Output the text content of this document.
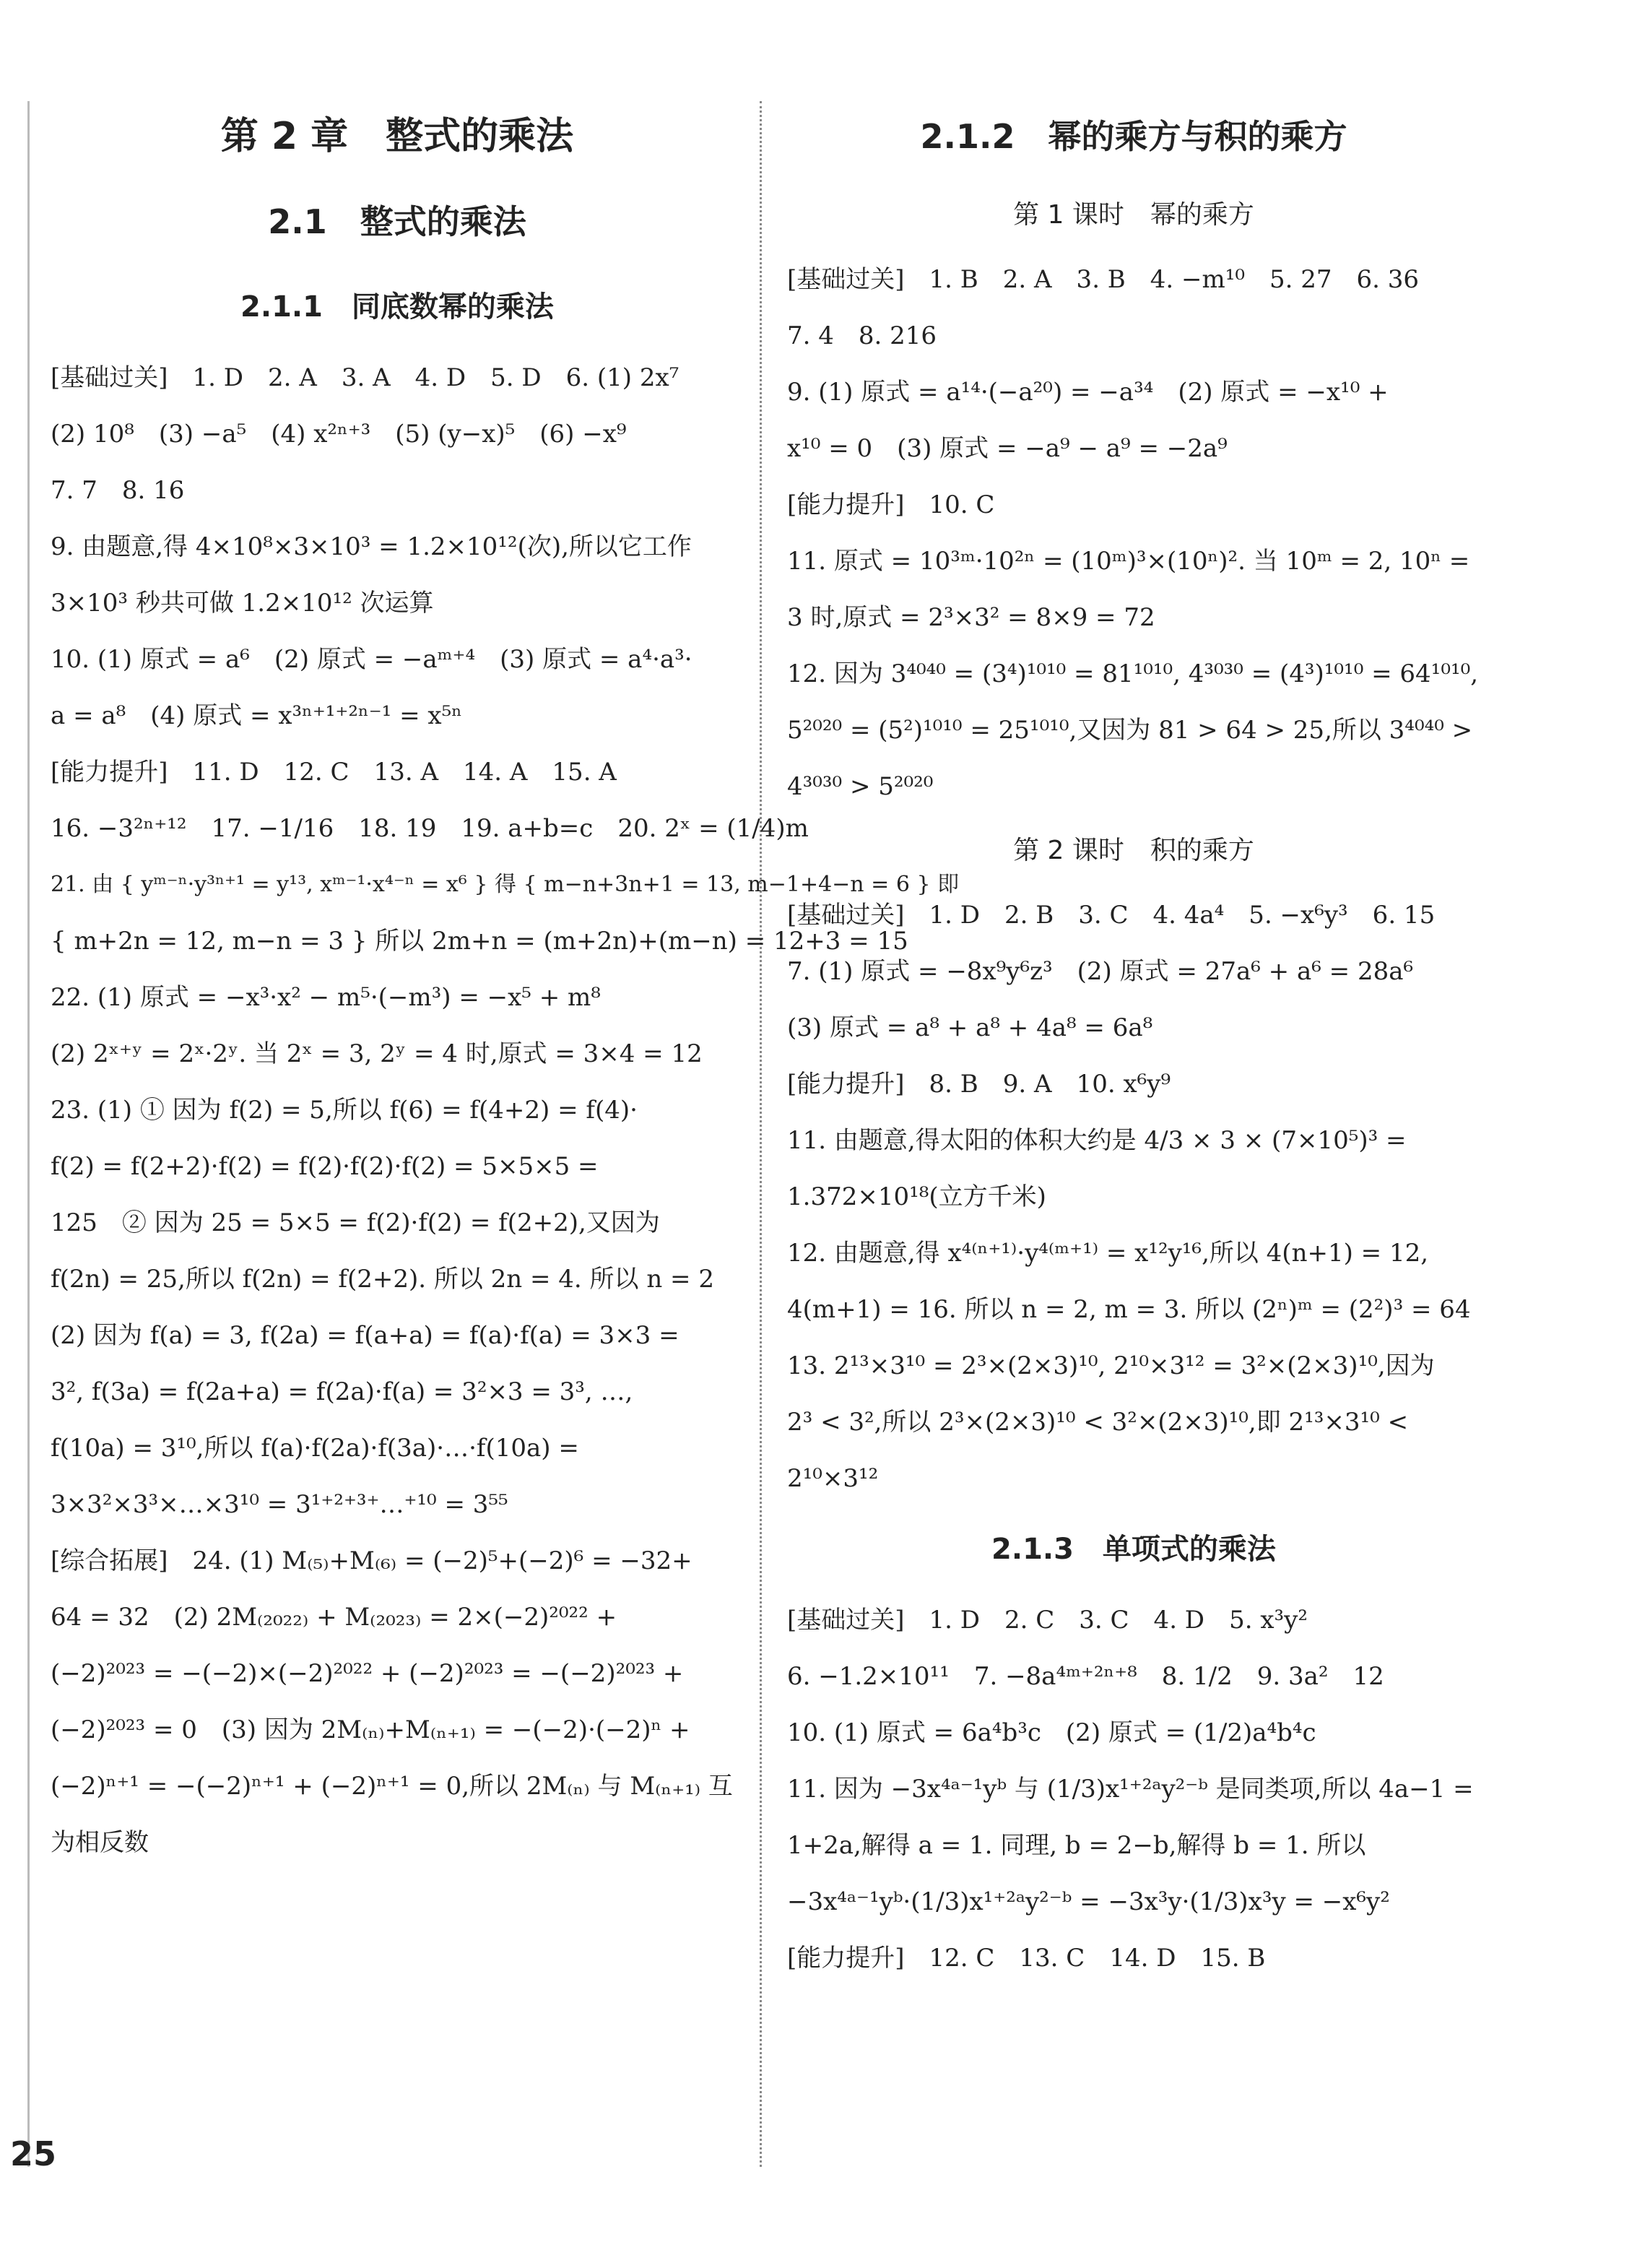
第 2 章　整式的乘法
2.1　整式的乘法
2.1.1　同底数幂的乘法
[基础过关]　1. D　2. A　3. A　4. D　5. D　6. (1) 2x⁷
(2) 10⁸　(3) −a⁵　(4) x²ⁿ⁺³　(5) (y−x)⁵　(6) −x⁹
7. 7　8. 16
9. 由题意,得 4×10⁸×3×10³ = 1.2×10¹²(次),所以它工作
3×10³ 秒共可做 1.2×10¹² 次运算
10. (1) 原式 = a⁶　(2) 原式 = −aᵐ⁺⁴　(3) 原式 = a⁴·a³·
a = a⁸　(4) 原式 = x³ⁿ⁺¹⁺²ⁿ⁻¹ = x⁵ⁿ
[能力提升]　11. D　12. C　13. A　14. A　15. A
16. −3²ⁿ⁺¹²　17. −1/16　18. 19　19. a+b=c　20. 2ˣ = (1/4)m
21. 由 { yᵐ⁻ⁿ·y³ⁿ⁺¹ = y¹³, xᵐ⁻¹·x⁴⁻ⁿ = x⁶ } 得 { m−n+3n+1 = 13, m−1+4−n = 6 } 即
{ m+2n = 12, m−n = 3 } 所以 2m+n = (m+2n)+(m−n) = 12+3 = 15
22. (1) 原式 = −x³·x² − m⁵·(−m³) = −x⁵ + m⁸
(2) 2ˣ⁺ʸ = 2ˣ·2ʸ. 当 2ˣ = 3, 2ʸ = 4 时,原式 = 3×4 = 12
23. (1) ① 因为 f(2) = 5,所以 f(6) = f(4+2) = f(4)·
f(2) = f(2+2)·f(2) = f(2)·f(2)·f(2) = 5×5×5 =
125　② 因为 25 = 5×5 = f(2)·f(2) = f(2+2),又因为
f(2n) = 25,所以 f(2n) = f(2+2). 所以 2n = 4. 所以 n = 2
(2) 因为 f(a) = 3, f(2a) = f(a+a) = f(a)·f(a) = 3×3 =
3², f(3a) = f(2a+a) = f(2a)·f(a) = 3²×3 = 3³, …,
f(10a) = 3¹⁰,所以 f(a)·f(2a)·f(3a)·…·f(10a) =
3×3²×3³×…×3¹⁰ = 3¹⁺²⁺³⁺…⁺¹⁰ = 3⁵⁵
[综合拓展]　24. (1) M₍₅₎+M₍₆₎ = (−2)⁵+(−2)⁶ = −32+
64 = 32　(2) 2M₍₂₀₂₂₎ + M₍₂₀₂₃₎ = 2×(−2)²⁰²² +
(−2)²⁰²³ = −(−2)×(−2)²⁰²² + (−2)²⁰²³ = −(−2)²⁰²³ +
(−2)²⁰²³ = 0　(3) 因为 2M₍ₙ₎+M₍ₙ₊₁₎ = −(−2)·(−2)ⁿ +
(−2)ⁿ⁺¹ = −(−2)ⁿ⁺¹ + (−2)ⁿ⁺¹ = 0,所以 2M₍ₙ₎ 与 M₍ₙ₊₁₎ 互
为相反数
2.1.2　幂的乘方与积的乘方
第 1 课时　幂的乘方
[基础过关]　1. B　2. A　3. B　4. −m¹⁰　5. 27　6. 36
7. 4　8. 216
9. (1) 原式 = a¹⁴·(−a²⁰) = −a³⁴　(2) 原式 = −x¹⁰ +
x¹⁰ = 0　(3) 原式 = −a⁹ − a⁹ = −2a⁹
[能力提升]　10. C
11. 原式 = 10³ᵐ·10²ⁿ = (10ᵐ)³×(10ⁿ)². 当 10ᵐ = 2, 10ⁿ =
3 时,原式 = 2³×3² = 8×9 = 72
12. 因为 3⁴⁰⁴⁰ = (3⁴)¹⁰¹⁰ = 81¹⁰¹⁰, 4³⁰³⁰ = (4³)¹⁰¹⁰ = 64¹⁰¹⁰,
5²⁰²⁰ = (5²)¹⁰¹⁰ = 25¹⁰¹⁰,又因为 81 > 64 > 25,所以 3⁴⁰⁴⁰ >
4³⁰³⁰ > 5²⁰²⁰
第 2 课时　积的乘方
[基础过关]　1. D　2. B　3. C　4. 4a⁴　5. −x⁶y³　6. 15
7. (1) 原式 = −8x⁹y⁶z³　(2) 原式 = 27a⁶ + a⁶ = 28a⁶
(3) 原式 = a⁸ + a⁸ + 4a⁸ = 6a⁸
[能力提升]　8. B　9. A　10. x⁶y⁹
11. 由题意,得太阳的体积大约是 4/3 × 3 × (7×10⁵)³ =
1.372×10¹⁸(立方千米)
12. 由题意,得 x⁴⁽ⁿ⁺¹⁾·y⁴⁽ᵐ⁺¹⁾ = x¹²y¹⁶,所以 4(n+1) = 12,
4(m+1) = 16. 所以 n = 2, m = 3. 所以 (2ⁿ)ᵐ = (2²)³ = 64
13. 2¹³×3¹⁰ = 2³×(2×3)¹⁰, 2¹⁰×3¹² = 3²×(2×3)¹⁰,因为
2³ < 3²,所以 2³×(2×3)¹⁰ < 3²×(2×3)¹⁰,即 2¹³×3¹⁰ <
2¹⁰×3¹²
2.1.3　单项式的乘法
[基础过关]　1. D　2. C　3. C　4. D　5. x³y²
6. −1.2×10¹¹　7. −8a⁴ᵐ⁺²ⁿ⁺⁸　8. 1/2　9. 3a²　12
10. (1) 原式 = 6a⁴b³c　(2) 原式 = (1/2)a⁴b⁴c
11. 因为 −3x⁴ᵃ⁻¹yᵇ 与 (1/3)x¹⁺²ᵃy²⁻ᵇ 是同类项,所以 4a−1 =
1+2a,解得 a = 1. 同理, b = 2−b,解得 b = 1. 所以
−3x⁴ᵃ⁻¹yᵇ·(1/3)x¹⁺²ᵃy²⁻ᵇ = −3x³y·(1/3)x³y = −x⁶y²
[能力提升]　12. C　13. C　14. D　15. B
25
